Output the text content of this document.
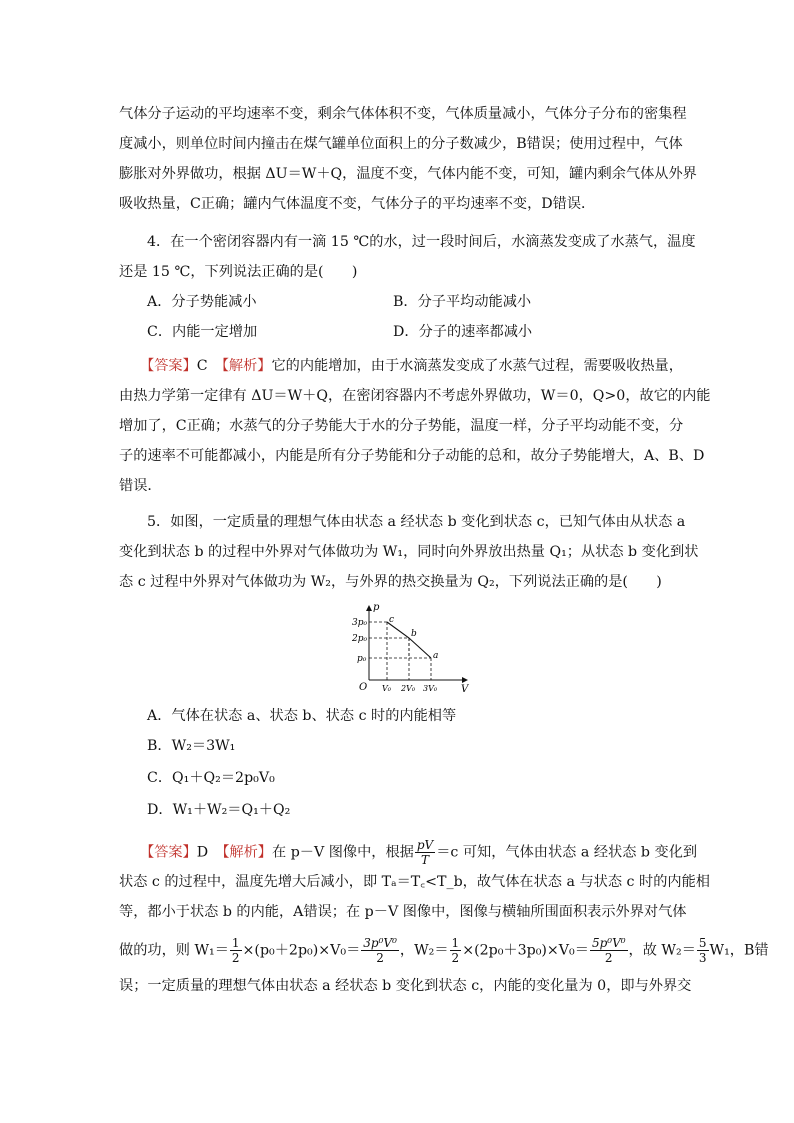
气体分子运动的平均速率不变，剩余气体体积不变，气体质量减小，气体分子分布的密集程
度减小，则单位时间内撞击在煤气罐单位面积上的分子数减少，B错误；使用过程中，气体
膨胀对外界做功，根据 ΔU＝W＋Q，温度不变，气体内能不变，可知，罐内剩余气体从外界
吸收热量，C正确；罐内气体温度不变，气体分子的平均速率不变，D错误．
4．在一个密闭容器内有一滴 15 ℃的水，过一段时间后，水滴蒸发变成了水蒸气，温度
还是 15 ℃，下列说法正确的是(　　)
A．分子势能减小	B．分子平均动能减小
C．内能一定增加	D．分子的速率都减小
【答案】C　【解析】它的内能增加，由于水滴蒸发变成了水蒸气过程，需要吸收热量，
由热力学第一定律有 ΔU＝W＋Q，在密闭容器内不考虑外界做功，W＝0，Q>0，故它的内能
增加了，C正确；水蒸气的分子势能大于水的分子势能，温度一样，分子平均动能不变，分
子的速率不可能都减小，内能是所有分子势能和分子动能的总和，故分子势能增大，A、B、D
错误．
5．如图，一定质量的理想气体由状态 a 经状态 b 变化到状态 c，已知气体由从状态 a
变化到状态 b 的过程中外界对气体做功为 W₁，同时向外界放出热量 Q₁；从状态 b 变化到状
态 c 过程中外界对气体做功为 W₂，与外界的热交换量为 Q₂，下列说法正确的是(　　)
p
V
O
3p₀
2p₀
p₀
V₀ 2V₀ 3V₀
c
b
a
A．气体在状态 a、状态 b、状态 c 时的内能相等
B．W₂＝3W₁
C．Q₁＋Q₂＝2p₀V₀
D．W₁＋W₂＝Q₁＋Q₂
【答案】D　【解析】在 p－V 图像中，根据 $\frac{pV}{T} =c$ 可知，气体由状态 a 经状态 b 变化到
状态 c 的过程中，温度先增大后减小，即 Tₐ＝T꜀<T_b，故气体在状态 a 与状态 c 时的内能相
等，都小于状态 b 的内能，A错误；在 p－V 图像中，图像与横轴所围面积表示外界对气体
做的功，则 $W_1= \frac{1}{2} \times(p_0+2p_0)\times V_0= \frac{\text{3p⁰V⁰}}{2}$ ，$W_2= \frac{1}{2} \times(2p_0+3p_0)\times V_0= \frac{\text{5p⁰V⁰}}{2}$ ，故 $W_2= \frac{5}{3} W_1$，B错
误；一定质量的理想气体由状态 a 经状态 b 变化到状态 c，内能的变化量为 0，即与外界交
